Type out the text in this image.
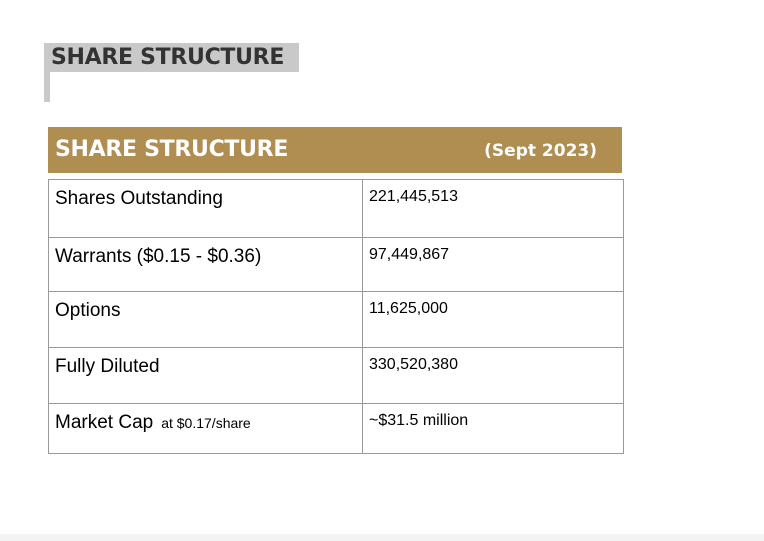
SHARE STRUCTURE
SHARE STRUCTURE	(Sept 2023)
Shares Outstanding	221,445,513
Warrants ($0.15 - $0.36)	97,449,867
Options	11,625,000
Fully Diluted	330,520,380
Market Cap at $0.17/share	~$31.5 million
